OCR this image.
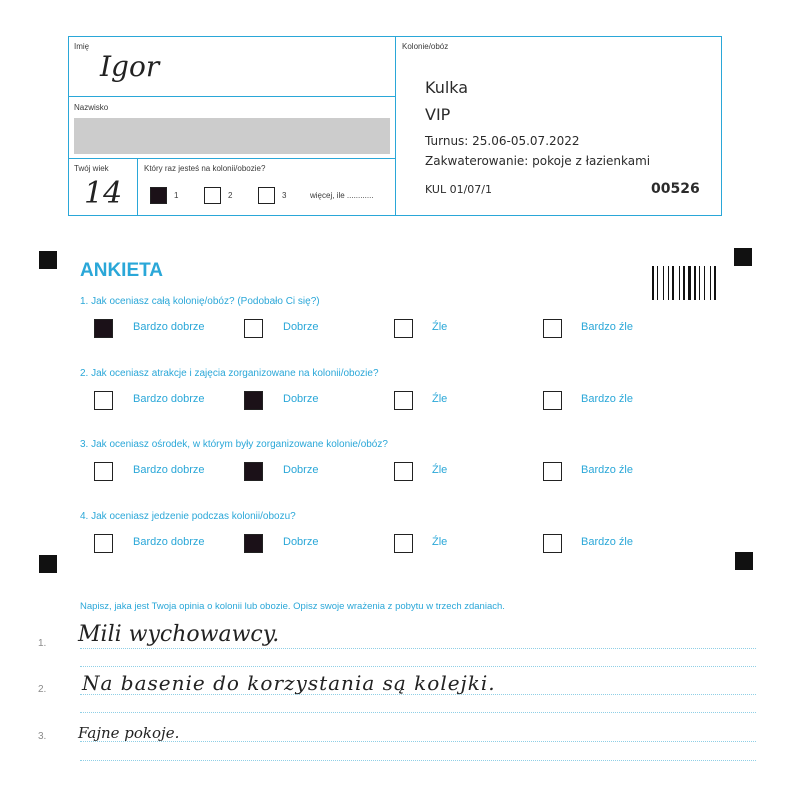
Imię
Igor
Nazwisko
Twój wiek
14
Który raz jesteś na kolonii/obozie?
1	2	3	więcej, ile ............
Kolonie/obóz
Kulka
VIP
Turnus: 25.06-05.07.2022
Zakwaterowanie: pokoje z łazienkami
KUL 01/07/1	00526
ANKIETA
1. Jak oceniasz całą kolonię/obóz? (Podobało Ci się?)
2. Jak oceniasz atrakcje i zajęcia zorganizowane na kolonii/obozie?
3. Jak oceniasz ośrodek, w którym były zorganizowane kolonie/obóz?
4. Jak oceniasz jedzenie podczas kolonii/obozu?
Bardzo dobrze	Dobrze	Źle	Bardzo źle
Bardzo dobrze	Dobrze	Źle	Bardzo źle
Bardzo dobrze	Dobrze	Źle	Bardzo źle
Bardzo dobrze	Dobrze	Źle	Bardzo źle
Napisz, jaka jest Twoja opinia o kolonii lub obozie. Opisz swoje wrażenia z pobytu w trzech zdaniach.
1. Mili wychowawcy.
2. Na basenie do korzystania są kolejki.
3. Fajne pokoje.
